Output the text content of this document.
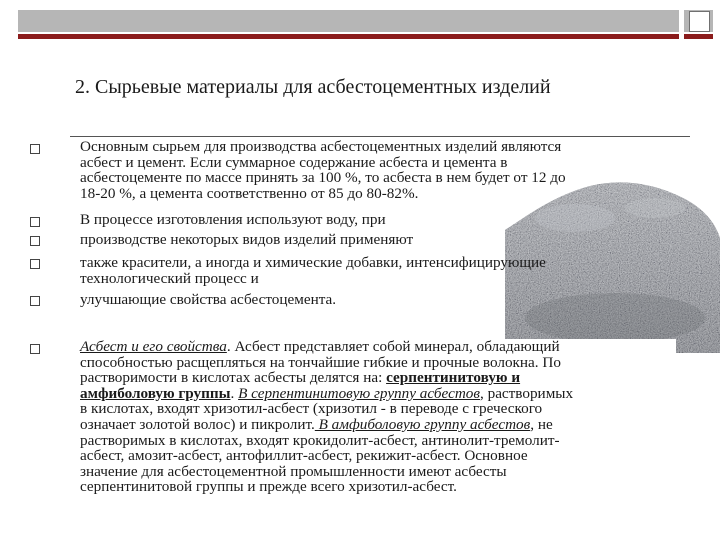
2. Сырьевые материалы для асбестоцементных изделий
Основным сырьем для производства асбестоцементных изделий являются
асбест и цемент. Если суммарное содержание асбеста и цемента в
асбестоцементе по массе принять за 100 %, то асбеста в нем будет от 12 до
18-20 %, а цемента соответственно от 85 до 80-82%.
В процессе изготовления используют воду, при
производстве некоторых видов изделий применяют
также красители, а иногда и химические добавки, интенсифицирующие
технологический процесс и
улучшающие свойства асбестоцемента.
Асбест и его свойства. Асбест представляет собой минерал, обладающий
способностью расщепляться на тончайшие гибкие и прочные волокна. По
растворимости в кислотах асбесты делятся на: серпентинитовую и
амфиболовую группы. В серпентинитовую группу асбестов, растворимых
в кислотах, входят хризотил-асбест (хризотил - в переводе с греческого
означает золотой волос) и пикролит. В амфиболовую группу асбестов, не
растворимых в кислотах, входят крокидолит-асбест, антинолит-тремолит-
асбест, амозит-асбест, антофиллит-асбест, рекижит-асбест. Основное
значение для асбестоцементной промышленности имеют асбесты
серпентинитовой группы и прежде всего хризотил-асбест.
